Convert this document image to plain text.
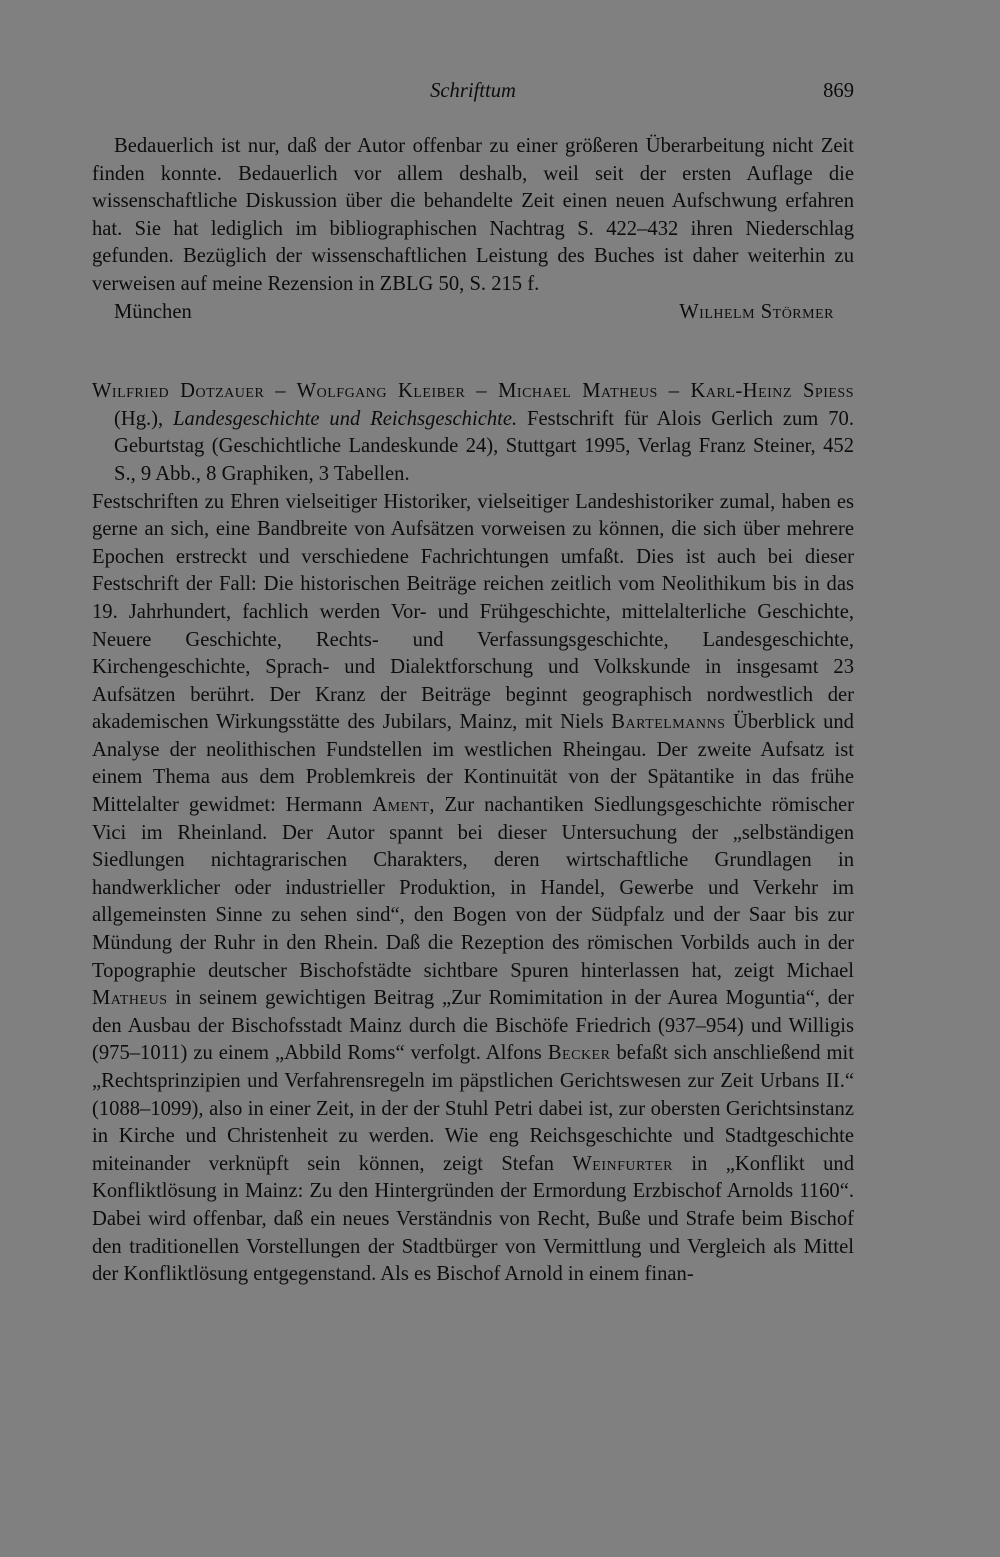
Schrifttum	869

Bedauerlich ist nur, daß der Autor offenbar zu einer größeren Überarbeitung nicht Zeit finden konnte. Bedauerlich vor allem deshalb, weil seit der ersten Auflage die wissenschaftliche Diskussion über die behandelte Zeit einen neuen Aufschwung erfahren hat. Sie hat lediglich im bibliographischen Nachtrag S. 422–432 ihren Niederschlag gefunden. Bezüglich der wissenschaftlichen Leistung des Buches ist daher weiterhin zu verweisen auf meine Rezension in ZBLG 50, S. 215 f.

München	Wilhelm Störmer

Wilfried Dotzauer – Wolfgang Kleiber – Michael Matheus – Karl-Heinz Spiess (Hg.), Landesgeschichte und Reichsgeschichte. Festschrift für Alois Gerlich zum 70. Geburtstag (Geschichtliche Landeskunde 24), Stuttgart 1995, Verlag Franz Steiner, 452 S., 9 Abb., 8 Graphiken, 3 Tabellen.

Festschriften zu Ehren vielseitiger Historiker, vielseitiger Landeshistoriker zumal, haben es gerne an sich, eine Bandbreite von Aufsätzen vorweisen zu können, die sich über mehrere Epochen erstreckt und verschiedene Fachrichtungen umfaßt. Dies ist auch bei dieser Festschrift der Fall: Die historischen Beiträge reichen zeitlich vom Neolithikum bis in das 19. Jahrhundert, fachlich werden Vor- und Frühgeschichte, mittelalterliche Geschichte, Neuere Geschichte, Rechts- und Verfassungsgeschichte, Landesgeschichte, Kirchengeschichte, Sprach- und Dialektforschung und Volkskunde in insgesamt 23 Aufsätzen berührt. Der Kranz der Beiträge beginnt geographisch nordwestlich der akademischen Wirkungsstätte des Jubilars, Mainz, mit Niels Bartelmanns Überblick und Analyse der neolithischen Fundstellen im westlichen Rheingau. Der zweite Aufsatz ist einem Thema aus dem Problemkreis der Kontinuität von der Spätantike in das frühe Mittelalter gewidmet: Hermann Ament, Zur nachantiken Siedlungsgeschichte römischer Vici im Rheinland. Der Autor spannt bei dieser Untersuchung der „selbständigen Siedlungen nichtagrarischen Charakters, deren wirtschaftliche Grundlagen in handwerklicher oder industrieller Produktion, in Handel, Gewerbe und Verkehr im allgemeinsten Sinne zu sehen sind“, den Bogen von der Südpfalz und der Saar bis zur Mündung der Ruhr in den Rhein. Daß die Rezeption des römischen Vorbilds auch in der Topographie deutscher Bischofstädte sichtbare Spuren hinterlassen hat, zeigt Michael Matheus in seinem gewichtigen Beitrag „Zur Romimitation in der Aurea Moguntia“, der den Ausbau der Bischofsstadt Mainz durch die Bischöfe Friedrich (937–954) und Willigis (975–1011) zu einem „Abbild Roms“ verfolgt. Alfons Becker befaßt sich anschließend mit „Rechtsprinzipien und Verfahrensregeln im päpstlichen Gerichtswesen zur Zeit Urbans II.“ (1088–1099), also in einer Zeit, in der der Stuhl Petri dabei ist, zur obersten Gerichtsinstanz in Kirche und Christenheit zu werden. Wie eng Reichsgeschichte und Stadtgeschichte miteinander verknüpft sein können, zeigt Stefan Weinfurter in „Konflikt und Konfliktlösung in Mainz: Zu den Hintergründen der Ermordung Erzbischof Arnolds 1160“. Dabei wird offenbar, daß ein neues Verständnis von Recht, Buße und Strafe beim Bischof den traditionellen Vorstellungen der Stadtbürger von Vermittlung und Vergleich als Mittel der Konfliktlösung entgegenstand. Als es Bischof Arnold in einem finan-
